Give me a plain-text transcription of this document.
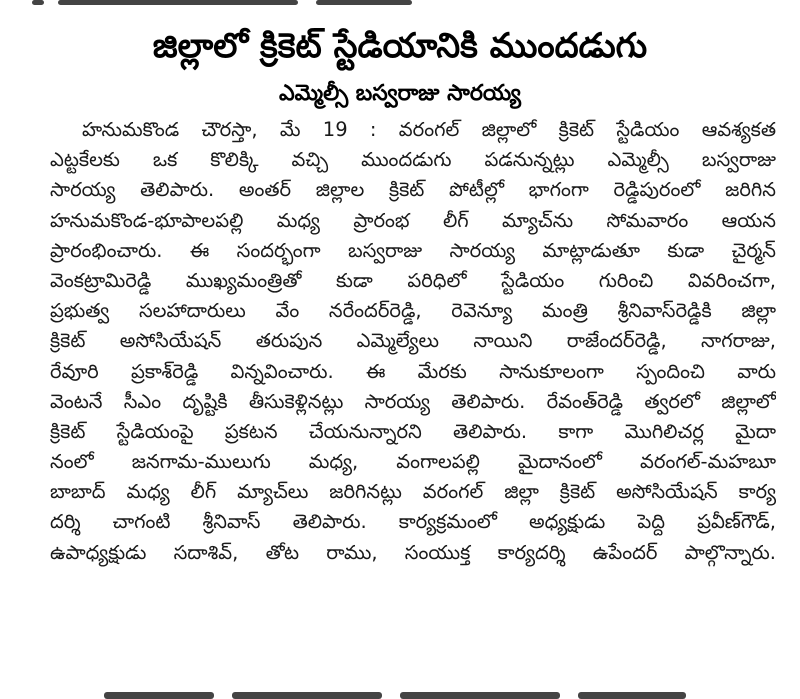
జిల్లాలో క్రికెట్ స్టేడియానికి ముందడుగు
ఎమ్మెల్సీ బస్వరాజు సారయ్య
హనుమకొండ చౌరస్తా, మే 19 : వరంగల్ జిల్లాలో క్రికెట్ స్టేడియం ఆవశ్యకత
ఎట్టకేలకు ఒక కొలిక్కి వచ్చి ముందడుగు పడనున్నట్లు ఎమ్మెల్సీ బస్వరాజు
సారయ్య తెలిపారు. అంతర్ జిల్లాల క్రికెట్ పోటీల్లో భాగంగా రెడ్డిపురంలో జరిగిన
హనుమకొండ-భూపాలపల్లి మధ్య ప్రారంభ లీగ్ మ్యాచ్‌ను సోమవారం ఆయన
ప్రారంభించారు. ఈ సందర్భంగా బస్వరాజు సారయ్య మాట్లాడుతూ కుడా చైర్మన్
వెంకట్రామిరెడ్డి ముఖ్యమంత్రితో కుడా పరిధిలో స్టేడియం గురించి వివరించగా,
ప్రభుత్వ సలహాదారులు వేం నరేందర్‌రెడ్డి, రెవెన్యూ మంత్రి శ్రీనివాస్‌రెడ్డికి జిల్లా
క్రికెట్ అసోసియేషన్ తరుపున ఎమ్మెల్యేలు నాయిని రాజేందర్‌రెడ్డి, నాగరాజు,
రేవూరి ప్రకాశ్‌రెడ్డి విన్నవించారు. ఈ మేరకు సానుకూలంగా స్పందించి వారు
వెంటనే సీఎం దృష్టికి తీసుకెళ్లినట్లు సారయ్య తెలిపారు. రేవంత్‌రెడ్డి త్వరలో జిల్లాలో
క్రికెట్ స్టేడియంపై ప్రకటన చేయనున్నారని తెలిపారు. కాగా మొగిలిచర్ల మైదా
నంలో జనగామ-ములుగు మధ్య, వంగాలపల్లి మైదానంలో వరంగల్-మహబూ
బాబాద్ మధ్య లీగ్ మ్యాచ్‌లు జరిగినట్లు వరంగల్ జిల్లా క్రికెట్ అసోసియేషన్ కార్య
దర్శి చాగంటి శ్రీనివాస్ తెలిపారు. కార్యక్రమంలో అధ్యక్షుడు పెద్ది ప్రవీణ్‌గౌడ్,
ఉపాధ్యక్షుడు సదాశివ్, తోట రాము, సంయుక్త కార్యదర్శి ఉపేందర్ పాల్గొన్నారు.
